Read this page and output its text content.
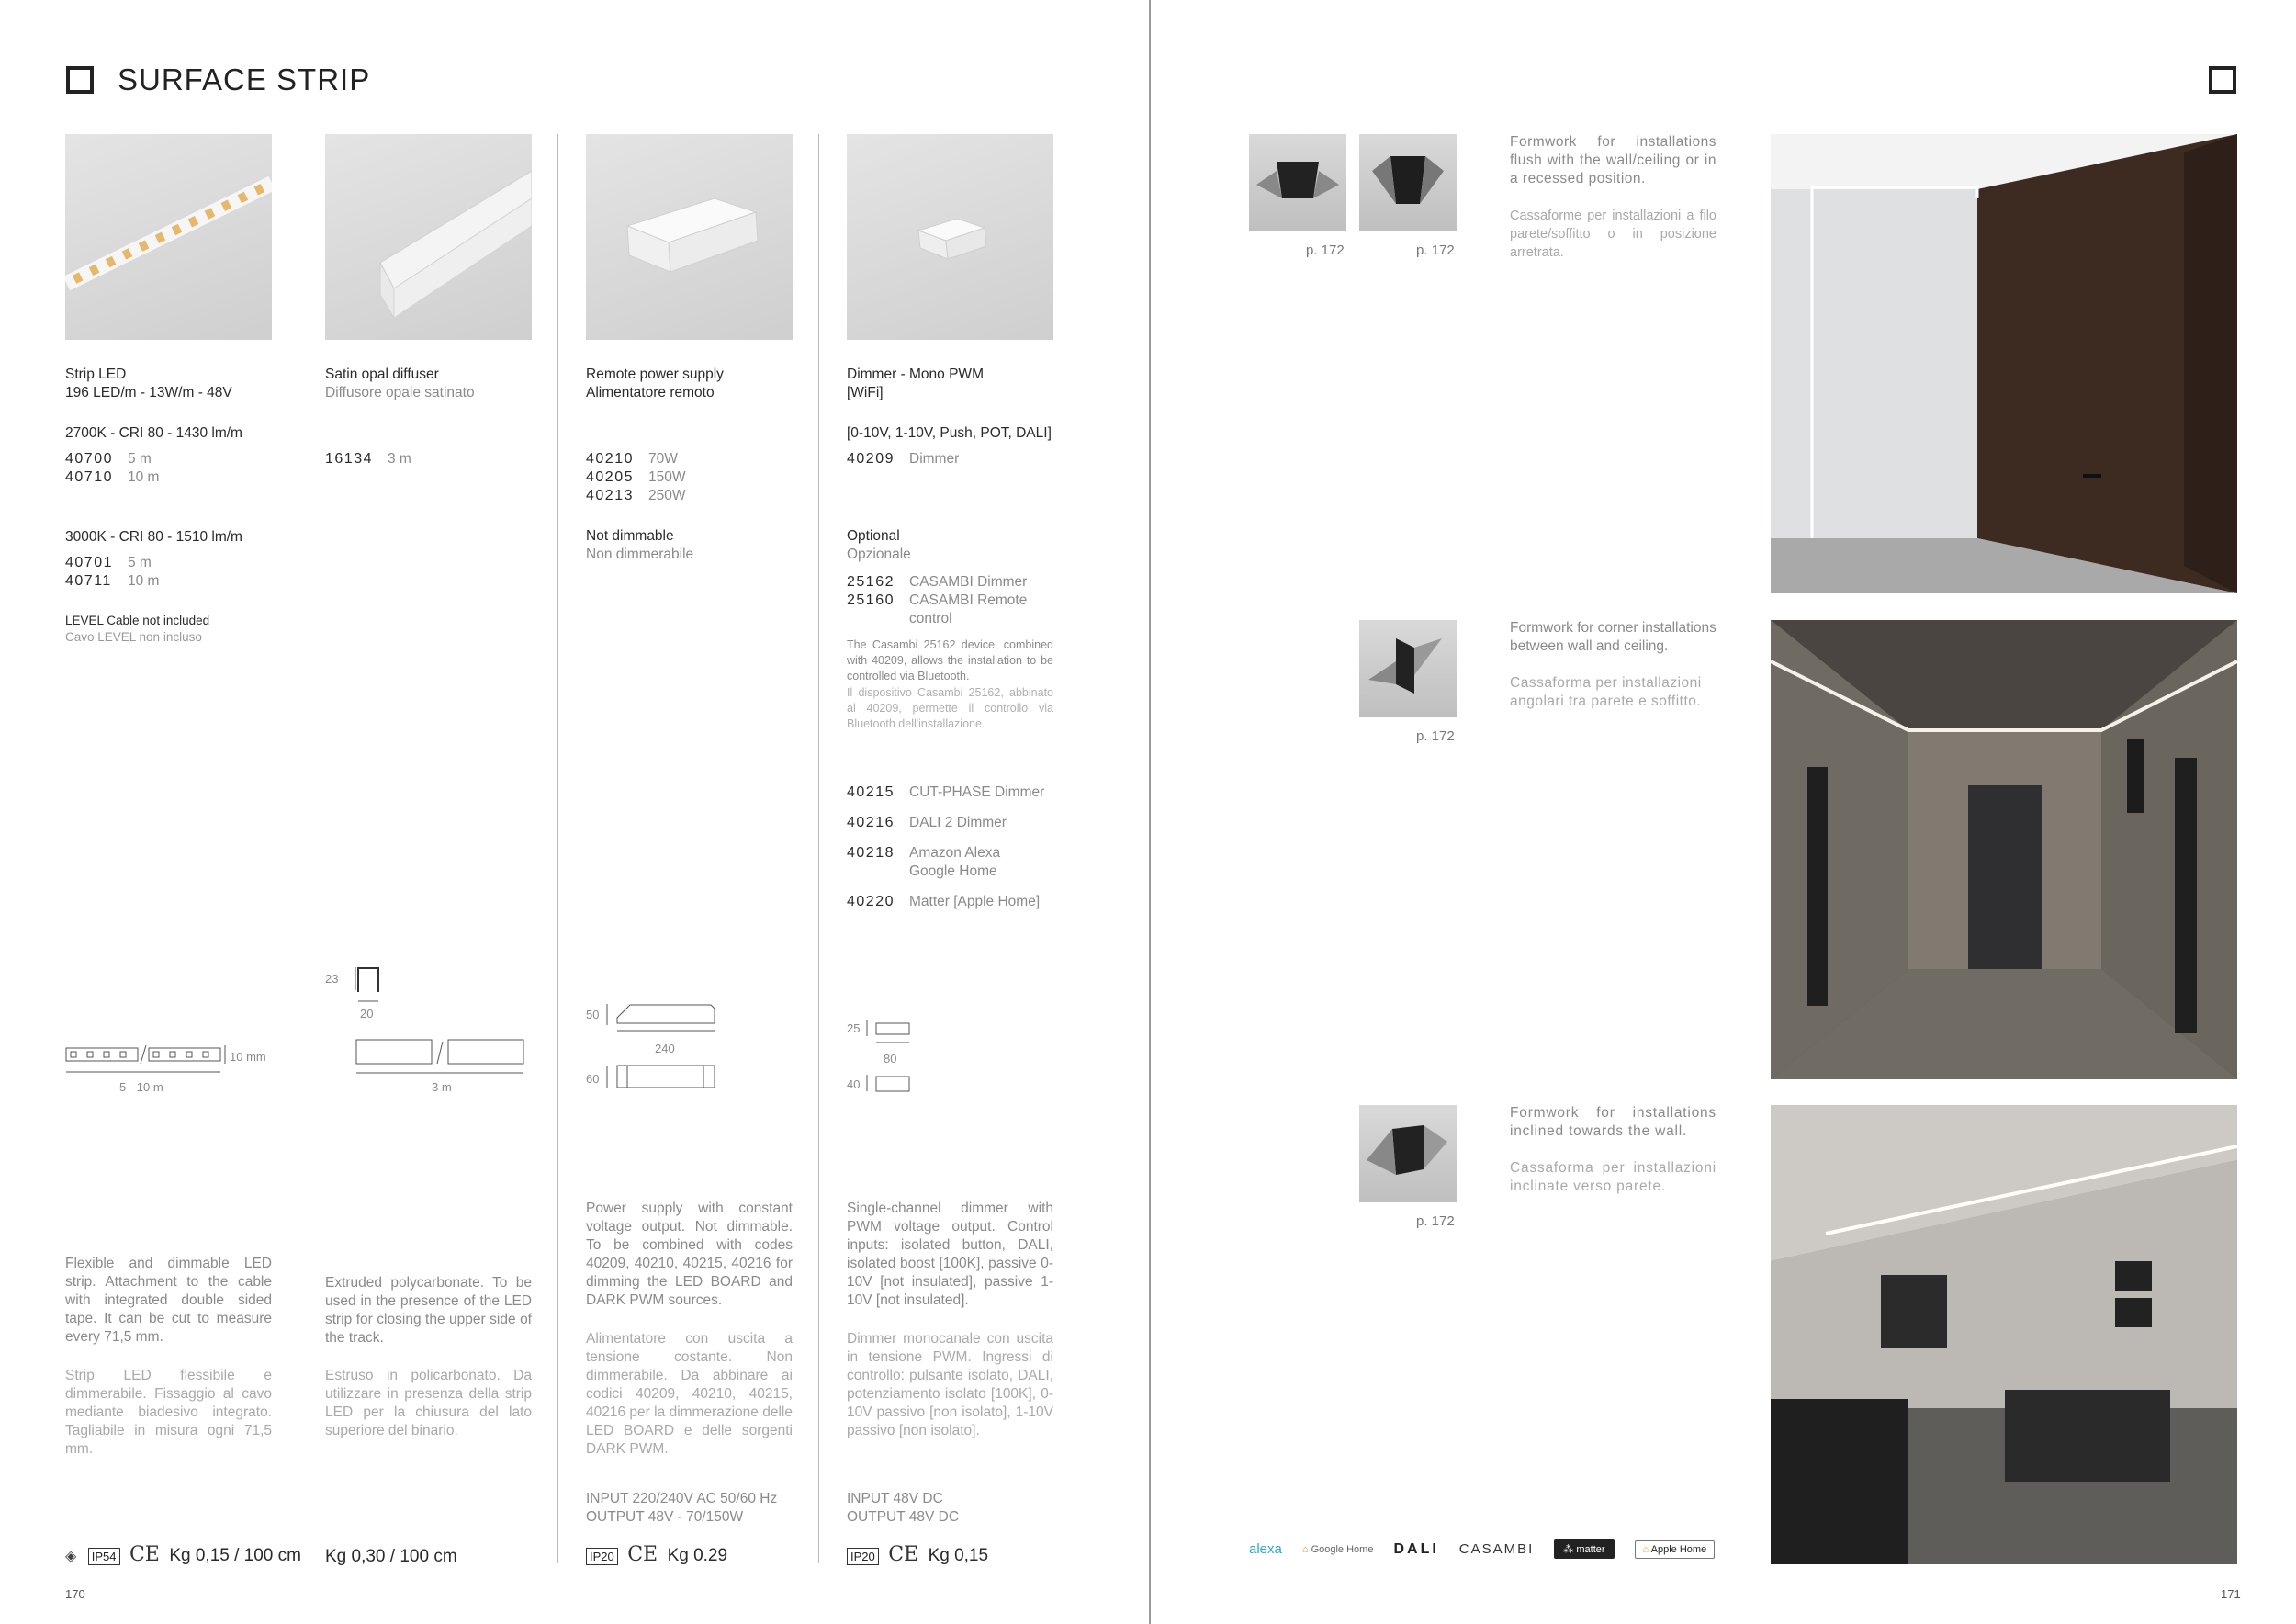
SURFACE STRIP
Strip LED
196 LED/m - 13W/m - 48V
2700K - CRI 80 - 1430 lm/m
40700 5 m
40710 10 m
3000K - CRI 80 - 1510 lm/m
40701 5 m
40711 10 m
LEVEL Cable not included
Cavo LEVEL non incluso
10 mm
5 - 10 m
Flexible and dimmable LED strip. Attachment to the cable with integrated double sided tape. It can be cut to measure every 71,5 mm.
Strip LED flessibile e dimmerabile. Fissaggio al cavo mediante biadesivo integrato. Tagliabile in misura ogni 71,5 mm.
◈ IP54 CE Kg 0,15 / 100 cm
Satin opal diffuser
Diffusore opale satinato
16134 3 m
23
20
3 m
Extruded polycarbonate. To be used in the presence of the LED strip for closing the upper side of the track.
Estruso in policarbonato. Da utilizzare in presenza della strip LED per la chiusura del lato superiore del binario.
Kg 0,30 / 100 cm
Remote power supply
Alimentatore remoto
40210 70W
40205 150W
40213 250W
Not dimmable
Non dimmerabile
50
240
60
Power supply with constant voltage output. Not dimmable. To be combined with codes 40209, 40210, 40215, 40216 for dimming the LED BOARD and DARK PWM sources.
Alimentatore con uscita a tensione costante. Non dimmerabile. Da abbinare ai codici 40209, 40210, 40215, 40216 per la dimmerazione delle LED BOARD e delle sorgenti DARK PWM.
INPUT 220/240V AC 50/60 Hz
OUTPUT 48V - 70/150W
IP20 CE Kg 0.29
Dimmer - Mono PWM
[WiFi]
[0-10V, 1-10V, Push, POT, DALI]
40209 Dimmer
Optional
Opzionale
25162 CASAMBI Dimmer
25160 CASAMBI Remote
control
The Casambi 25162 device, combined with 40209, allows the installation to be controlled via Bluetooth.
Il dispositivo Casambi 25162, abbinato al 40209, permette il controllo via Bluetooth dell'installazione.
40215 CUT-PHASE Dimmer
40216 DALI 2 Dimmer
40218 Amazon Alexa
Google Home
40220 Matter [Apple Home]
25
80
40
Single-channel dimmer with PWM voltage output. Control inputs: isolated button, DALI, isolated boost [100K], passive 0-10V [not insulated], passive 1-10V [not insulated].
Dimmer monocanale con uscita in tensione PWM. Ingressi di controllo: pulsante isolato, DALI, potenziamento isolato [100K], 0-10V passivo [non isolato], 1-10V passivo [non isolato].
INPUT 48V DC
OUTPUT 48V DC
IP20 CE Kg 0,15
170
p. 172	p. 172
Formwork for installations flush with the wall/ceiling or in a recessed position.
Cassaforme per installazioni a filo parete/soffitto o in posizione arretrata.
p. 172
Formwork for corner installations between wall and ceiling.
Cassaforma per installazioni angolari tra parete e soffitto.
p. 172
Formwork for installations inclined towards the wall.
Cassaforma per installazioni inclinate verso parete.
alexa ⌂ Google Home DALI CASAMBI	⁂ matter	⌂ Apple Home
171
